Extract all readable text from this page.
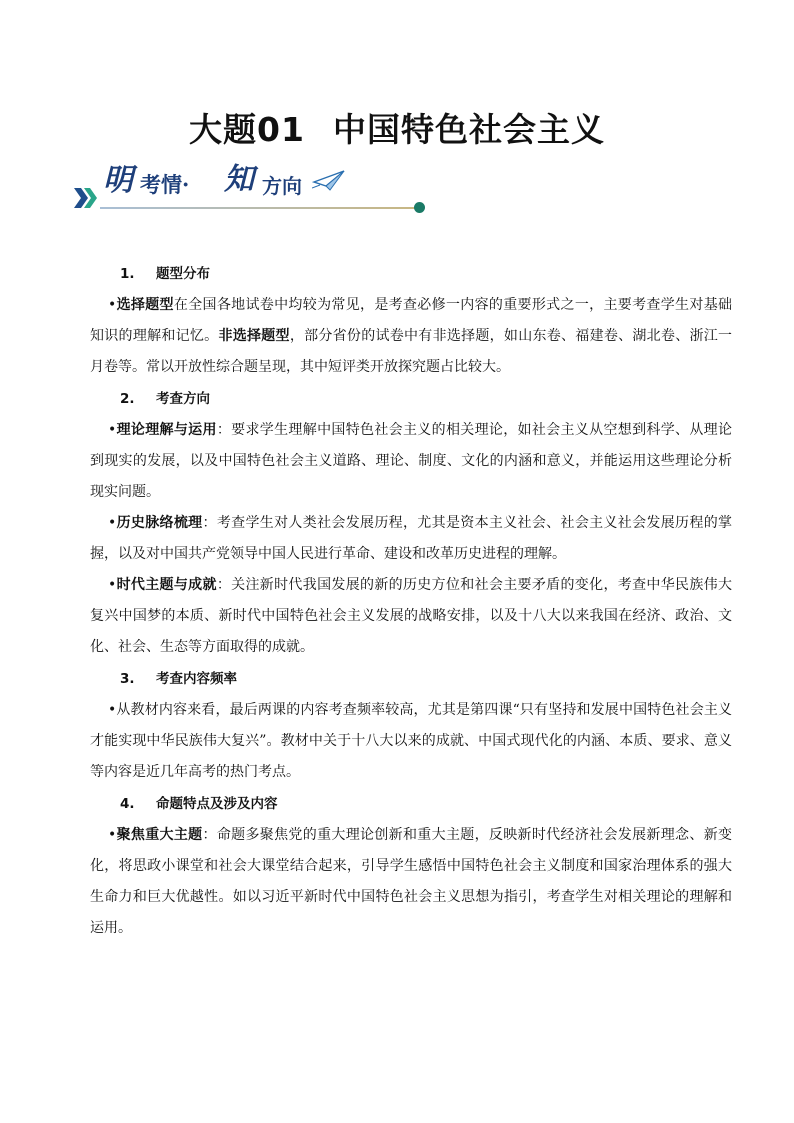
大题01 中国特色社会主义
明 考情· 知 方向
1. 题型分布

•选择题型在全国各地试卷中均较为常见，是考查必修一内容的重要形式之一，主要考查学生对基础知识的理解和记忆。非选择题型，部分省份的试卷中有非选择题，如山东卷、福建卷、湖北卷、浙江一月卷等。常以开放性综合题呈现，其中短评类开放探究题占比较大。

2. 考查方向

•理论理解与运用：要求学生理解中国特色社会主义的相关理论，如社会主义从空想到科学、从理论到现实的发展，以及中国特色社会主义道路、理论、制度、文化的内涵和意义，并能运用这些理论分析现实问题。

•历史脉络梳理：考查学生对人类社会发展历程，尤其是资本主义社会、社会主义社会发展历程的掌握，以及对中国共产党领导中国人民进行革命、建设和改革历史进程的理解。

•时代主题与成就：关注新时代我国发展的新的历史方位和社会主要矛盾的变化，考查中华民族伟大复兴中国梦的本质、新时代中国特色社会主义发展的战略安排，以及十八大以来我国在经济、政治、文化、社会、生态等方面取得的成就。

3. 考查内容频率

•从教材内容来看，最后两课的内容考查频率较高，尤其是第四课“只有坚持和发展中国特色社会主义才能实现中华民族伟大复兴”。教材中关于十八大以来的成就、中国式现代化的内涵、本质、要求、意义等内容是近几年高考的热门考点。

4. 命题特点及涉及内容

•聚焦重大主题：命题多聚焦党的重大理论创新和重大主题，反映新时代经济社会发展新理念、新变化，将思政小课堂和社会大课堂结合起来，引导学生感悟中国特色社会主义制度和国家治理体系的强大生命力和巨大优越性。如以习近平新时代中国特色社会主义思想为指引，考查学生对相关理论的理解和运用。
